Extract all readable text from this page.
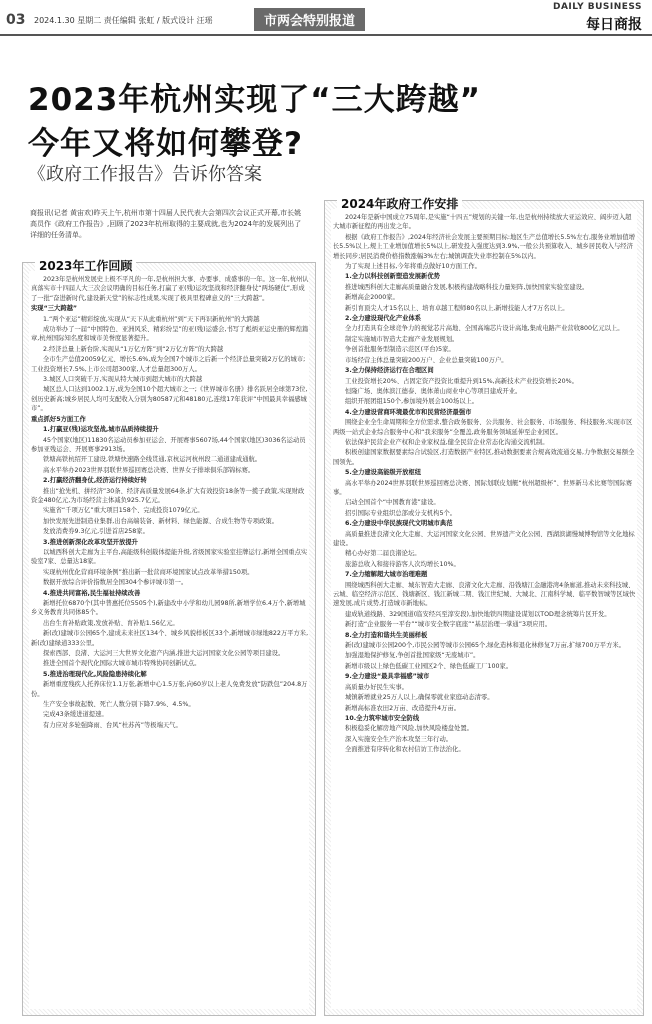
03 2024.1.30 星期二 责任编辑 张虹 / 版式设计 汪瑶	市两会特别报道
DAILY BUSINESS
每日商报
2023年杭州实现了“三大跨越”
今年又将如何攀登?
《政府工作报告》告诉你答案
商报讯(记者 黄宙欢)昨天上午,杭州市第十四届人民代表大会第四次会议正式开幕,市长姚高员作《政府工作报告》,回顾了2023年杭州取得的主要成就,也为2024年的发展列出了详细的任务清单。
2023年工作回顾

2023年是杭州发展史上极不平凡的一年,是杭州担大事、办要事、成盛事的一年。这一年,杭州认真落实市十四届人大三次会议明确的目标任务,打赢了亚(残)运攻坚战和经济翻身仗“两场硬仗”,形成了一批“奋进新时代,建设新天堂”的标志性成果,实现了极具里程碑意义的“三大跨越”。

实现“三大跨越”

1.“两个亚运”精彩绽放,实现从“天下从此重杭州”到“天下再识新杭州”的大跨越

成功举办了一届“中国特色、亚洲风采、精彩纷呈”的亚(残)运盛会,书写了彪炳亚运史册的辉煌篇章,杭州国际知名度和城市美誉度显著提升。

2.经济总量上新台阶,实现从“1万亿方阵”到“2万亿方阵”的大跨越

全市生产总值20059亿元、增长5.6%,成为全国7个城市之后新一个经济总量突破2万亿的城市;工业投资增长7.5%,上市公司超300家,人才总量超300万人。

3.城区人口突破千万,实现从特大城市到超大城市的大跨越

城区总人口达到1002.1万,成为全国10个超大城市之一;《世界城市名册》排名跃居全球第73位,创历史新高;城乡居民人均可支配收入分别为80587元和48180元,连续17年获评“中国最具幸福感城市”。

重点抓好5方面工作

1.打赢亚(残)运攻坚战,城市品质持续提升

45个国家(地区)11830名运动员参加亚运会、开展赛事5607场,44个国家(地区)3036名运动员参加亚残运会、开展赛事2913场。

铁塘高铁杭绍开工建设,铁塘快速路全线贯通,京杭运河杭州段二通道建成通航。

高水平举办2023世界羽联世界巡回赛总决赛、世界女子排球俱乐部锦标赛。

2.打赢经济翻身仗,经济运行持续好转

推出“抢先机、拼经济”30条、经济高质量发展64条,扩大有效投资18条等一揽子政策,实现财政资金480亿元,为市场经营主体减负925.7亿元。

实施省“千项万亿”重大项目158个、完成投资1079亿元。

加快发展先进制造业集群,出台高端装备、新材料、绿色能源、合成生物等专项政策。

发放消费券9.3亿元,引进首店258家。

3.推进创新深化改革攻坚开放提升

以城西科创大走廊为主平台,高能级科创载体提能升级,省级国家实验室挂牌运行,新增全国重点实验室7家、总量达18家。

实现杭州优化营商环境条例”推出新一批营商环境国家试点改革举措150项。

数据开放综合评价指数居全国304个参评城市第一。

4.推进共同富裕,民生福祉持续改善

新增托位6870个(其中普惠托位5505个),新建改中小学和幼儿园98所,新增学位6.4万个,新增城乡义务教育共同体85个。

出台生育补贴政策,发放补贴、育补贴1.56亿元。

新(改)建城市公园65个,建成未来社区134个、城乡风貌样板区33个,新增城市绿地822万平方米,新(改)建绿道333公里。

探索西部、良渚、大运河三大世界文化遗产内涵,推进大运河国家文化公园等项目建设。

推进全国首个现代化国际大城市城市特殊协同创新试点。

5.推进治理现代化,风险隐患持续化解

新增重度残疾人托养床位1.1万张,新增中心1.5万张,向60岁以上老人免费发放“防跌包”204.8万份。

生产安全事故起数、死亡人数分别下降7.9%、4.5%。

完成43条缓进道提速。

有力应对多轮强降雨、台风“杜苏芮”等极端天气。

2024年政府工作安排

2024年是新中国成立75周年,是实施“十四五”规划的关键一年,也是杭州持续放大亚运效应、阔步迈入超大城市新征程的再出发之年。

根据《政府工作报告》,2024年经济社会发展主要预期目标:地区生产总值增长5.5%左右,服务业增加值增长5.5%以上,规上工业增加值增长5%以上,研发投入强度达到3.9%,一般公共预算收入、城乡居民收入与经济增长同步;居民消费价格指数涨幅3%左右;城镇调查失业率控制在5%以内。

为了实现上述目标,今年将重点做好10方面工作。

1.全力以科技创新塑造发展新优势

推进城西科创大走廊高质量融合发展,积极构建战略科技力量矩阵,加快国家实验室建设。

新增高企2000家。

新引育顶尖人才15名以上、培育卓越工程师80名以上,新增技能人才7万名以上。

2.全力建设现代化产业体系

全力打造具有全球竞争力的视觉芯片高地、全国高端芯片设计高地,集成电路产业营收800亿元以上。

制定实施城市智造大走廊产业发展规划。

争创首批服务型制造示范区(平台)5家。

市场经营主体总量突破200万户、企业总量突破100万户。

3.全力保持经济运行在合理区间

工业投资增长20%、占固定资产投资比重提升到15%,高新技术产业投资增长20%。

恒隆广场、奥体滨江德泰、奥体萧山商业中心等项目建成开业。

组织开展团组150个,参加境外展会100场以上。

4.全力建设营商环境最优市和民营经济最强市

围绕企业全生命周期和全方位需求,整合政务服务、公共服务、社会服务、市场服务、科技服务,实现市区两级一站式企业综合服务中心和“我来服务”全覆盖,政务服务领域延伸至企业园区。

依法保护民营企业产权和企业家权益,健全民营企业常态化沟通交流机制。

积极创建国家数据要素综合试验区,打造数据产业特区,推动数据要素合规高效流通交易,力争数据交易额全国领先。

5.全力建设高能级开放枢纽

高水平举办2024世界羽联世界巡回赛总决赛、国际划联皮划艇“杭州超级杯”、世界新马术比赛等国际赛事。

启动全国首个“中国教育港”建设。

招引国际专业组织总部或分支机构5个。

6.全力建设中华民族现代文明城市典范

高质量推进良渚文化大走廊、大运河国家文化公园、世界遗产文化公园、西湖滨湖慢城博物馆等文化地标建设。

精心办好第二届良渚论坛。

旅游总收入和接待游客人次均增长10%。

7.全力缩解超大城市治理难题

围绕城西科创大走廊、城东智造大走廊、良渚文化大走廊、沿钱塘江金融港湾4条廊道,推动未来科技城、云城、临空经济示范区、钱塘新区、钱江新城二期、钱江世纪城、大城北、江南科学城、临平数智城等区域快速发展,成片成势,打造城市新地标。

建成轨道线路、329国道(临安经兴至淳安段),加快地铁四期建设谋划以TOD理念统筹片区开发。

新打造“企业服务一平台”“城市安全数字底座”“基层治理一掌通”3项应用。

8.全力打造和谐共生美丽样板

新(改)建城市公园200个,市民公园等城市公园65个,绿化造林和退化林修复7万亩,扩绿700万平方米。

加强湿地保护修复,争创首批国家级“无废城市”。

新增市级以上绿色低碳工业园区2个、绿色低碳工厂100家。

9.全力建设“最具幸福感”城市

高质量办好民生实事。

城镇新增就业25万人以上,确保零就业家庭动态清零。

新增高标准农田2万亩、改造提升4万亩。

10.全力筑牢城市安全防线

积极稳妥化解房地产风险,加快风险楼盘处置。

深入实施安全生产治本攻坚三年行动。

全面推进有序转化和农村信访工作法治化。
